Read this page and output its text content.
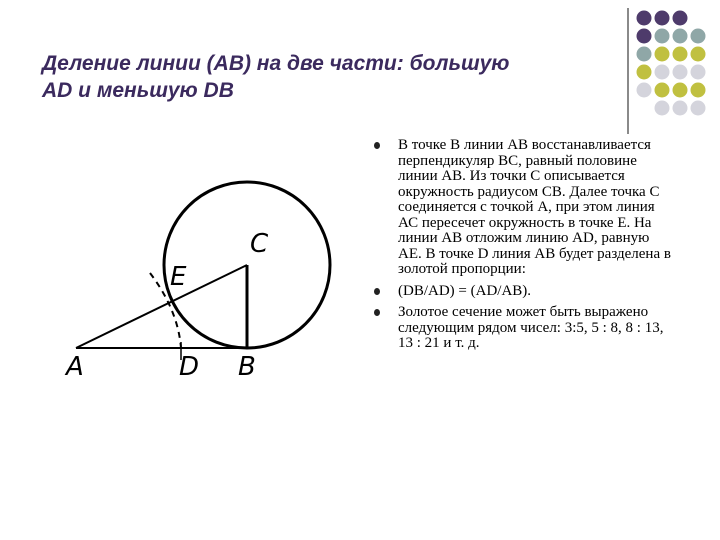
Деление линии (АВ) на две части: большую
AD и меньшую DB
A
E
D B
C
В точке В линии АВ восстанавливается перпендикуляр ВС, равный половине линии АВ. Из точки С описывается окружность радиусом СВ. Далее точка С соединяется с точкой А, при этом линия АС пересечет окружность в точке Е. На линии АВ отложим линию AD, равную АЕ. В точке D линия АВ будет разделена в золотой пропорции:
(DB/AD) = (AD/AB).
Золотое сечение может быть выражено следующим рядом чисел: 3:5, 5 : 8, 8 : 13, 13 : 21 и т. д.
